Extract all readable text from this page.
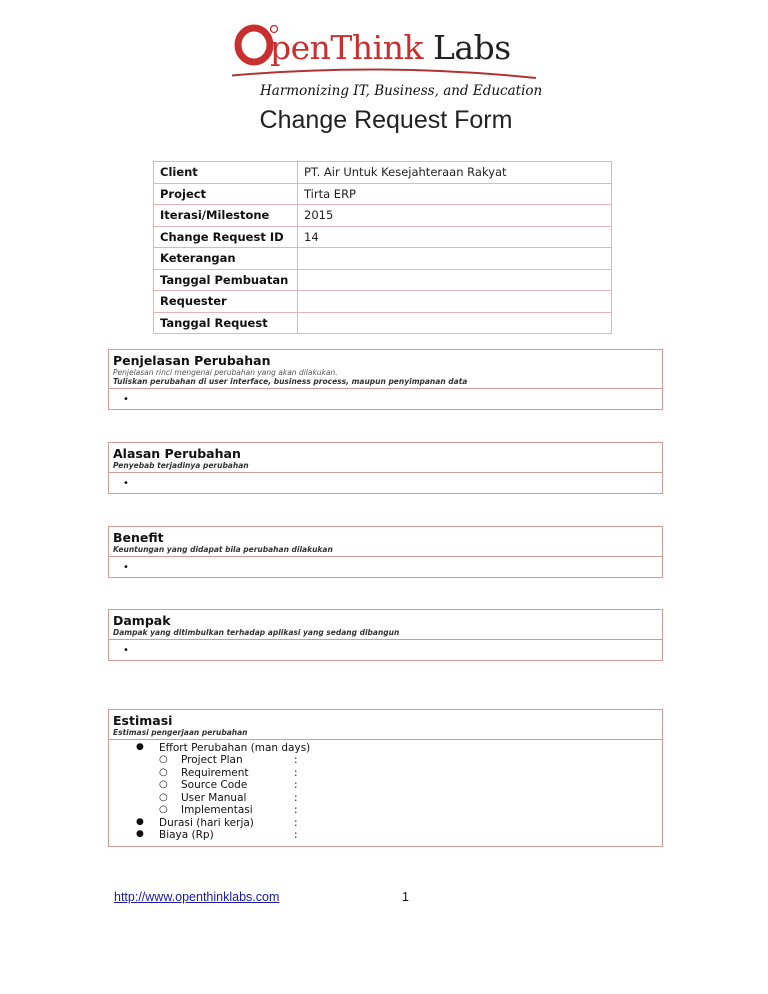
penThink Labs
Harmonizing IT, Business, and Education
Change Request Form
Client	PT. Air Untuk Kesejahteraan Rakyat
Project	Tirta ERP
Iterasi/Milestone	2015
Change Request ID	14
Keterangan	
Tanggal Pembuatan	
Requester	
Tanggal Request	
Penjelasan Perubahan
Penjelasan rinci mengenai perubahan yang akan dilakukan.
Tuliskan perubahan di user interface, business process, maupun penyimpanan data
•
Alasan Perubahan
Penyebab terjadinya perubahan
•
Benefit
Keuntungan yang didapat bila perubahan dilakukan
•
Dampak
Dampak yang ditimbulkan terhadap aplikasi yang sedang dibangun
•
Estimasi
Estimasi pengerjaan perubahan
● Effort Perubahan (man days)
○ Project Plan	:
○ Requirement	:
○ Source Code	:
○ User Manual	:
○ Implementasi	:
● Durasi (hari kerja)	:
● Biaya (Rp)	:
http://www.openthinklabs.com	1
